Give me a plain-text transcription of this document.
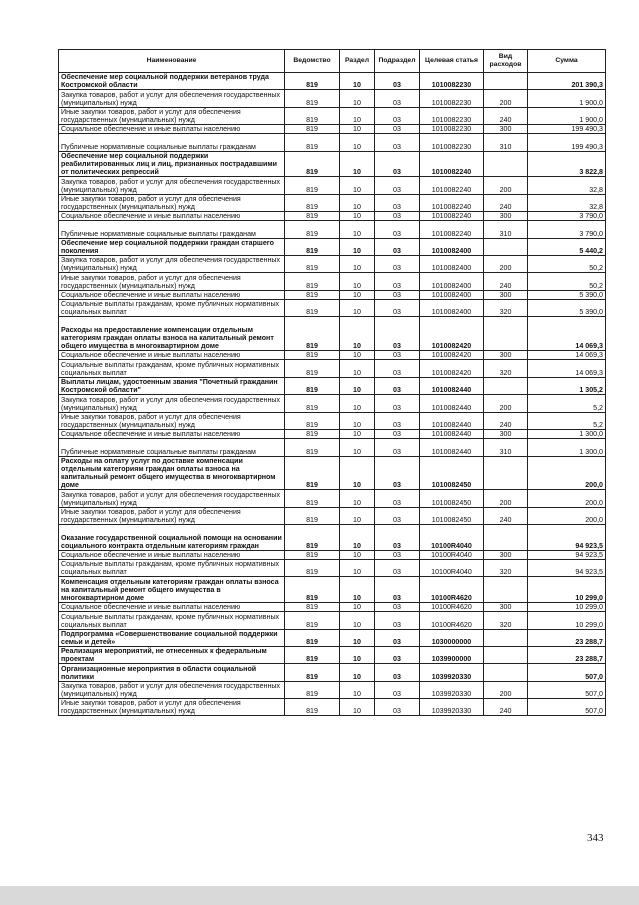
Наименование	Ведомство	Раздел	Подраздел	Целевая статья	Вид расходов	Сумма
Обеспечение мер социальной поддержки ветеранов труда Костромской области	819	10	03	1010082230		201 390,3
Закупка товаров, работ и услуг для обеспечения государственных (муниципальных) нужд	819	10	03	1010082230	200	1 900,0
Иные закупки товаров, работ и услуг для обеспечения государственных (муниципальных) нужд	819	10	03	1010082230	240	1 900,0
Социальное обеспечение и иные выплаты населению	819	10	03	1010082230	300	199 490,3
Публичные нормативные социальные выплаты гражданам	819	10	03	1010082230	310	199 490,3
Обеспечение мер социальной поддержки реабилитированных лиц и лиц, признанных пострадавшими от политических репрессий	819	10	03	1010082240		3 822,8
Закупка товаров, работ и услуг для обеспечения государственных (муниципальных) нужд	819	10	03	1010082240	200	32,8
Иные закупки товаров, работ и услуг для обеспечения государственных (муниципальных) нужд	819	10	03	1010082240	240	32,8
Социальное обеспечение и иные выплаты населению	819	10	03	1010082240	300	3 790,0
Публичные нормативные социальные выплаты гражданам	819	10	03	1010082240	310	3 790,0
Обеспечение мер социальной поддержки граждан старшего поколения	819	10	03	1010082400		5 440,2
Закупка товаров, работ и услуг для обеспечения государственных (муниципальных) нужд	819	10	03	1010082400	200	50,2
Иные закупки товаров, работ и услуг для обеспечения государственных (муниципальных) нужд	819	10	03	1010082400	240	50,2
Социальное обеспечение и иные выплаты населению	819	10	03	1010082400	300	5 390,0
Социальные выплаты гражданам, кроме публичных нормативных социальных выплат	819	10	03	1010082400	320	5 390,0
Расходы на предоставление компенсации отдельным категориям граждан оплаты взноса на капитальный ремонт общего имущества в многоквартирном доме	819	10	03	1010082420		14 069,3
Социальное обеспечение и иные выплаты населению	819	10	03	1010082420	300	14 069,3
Социальные выплаты гражданам, кроме публичных нормативных социальных выплат	819	10	03	1010082420	320	14 069,3
Выплаты лицам, удостоенным звания "Почетный гражданин Костромской области"	819	10	03	1010082440		1 305,2
Закупка товаров, работ и услуг для обеспечения государственных (муниципальных) нужд	819	10	03	1010082440	200	5,2
Иные закупки товаров, работ и услуг для обеспечения государственных (муниципальных) нужд	819	10	03	1010082440	240	5,2
Социальное обеспечение и иные выплаты населению	819	10	03	1010082440	300	1 300,0
Публичные нормативные социальные выплаты гражданам	819	10	03	1010082440	310	1 300,0
Расходы на оплату услуг по доставке компенсации отдельным категориям граждан оплаты взноса на капитальный ремонт общего имущества в многоквартирном доме	819	10	03	1010082450		200,0
Закупка товаров, работ и услуг для обеспечения государственных (муниципальных) нужд	819	10	03	1010082450	200	200,0
Иные закупки товаров, работ и услуг для обеспечения государственных (муниципальных) нужд	819	10	03	1010082450	240	200,0
Оказание государственной социальной помощи на основании социального контракта отдельным категориям граждан	819	10	03	10100R4040		94 923,5
Социальное обеспечение и иные выплаты населению	819	10	03	10100R4040	300	94 923,5
Социальные выплаты гражданам, кроме публичных нормативных социальных выплат	819	10	03	10100R4040	320	94 923,5
Компенсация отдельным категориям граждан оплаты взноса на капитальный ремонт общего имущества в многоквартирном доме	819	10	03	10100R4620		10 299,0
Социальное обеспечение и иные выплаты населению	819	10	03	10100R4620	300	10 299,0
Социальные выплаты гражданам, кроме публичных нормативных социальных выплат	819	10	03	10100R4620	320	10 299,0
Подпрограмма «Совершенствование социальной поддержки семьи и детей»	819	10	03	1030000000		23 288,7
Реализация мероприятий, не отнесенных к федеральным проектам	819	10	03	1039900000		23 288,7
Организационные мероприятия в области социальной политики	819	10	03	1039920330		507,0
Закупка товаров, работ и услуг для обеспечения государственных (муниципальных) нужд	819	10	03	1039920330	200	507,0
Иные закупки товаров, работ и услуг для обеспечения государственных (муниципальных) нужд	819	10	03	1039920330	240	507,0
343
